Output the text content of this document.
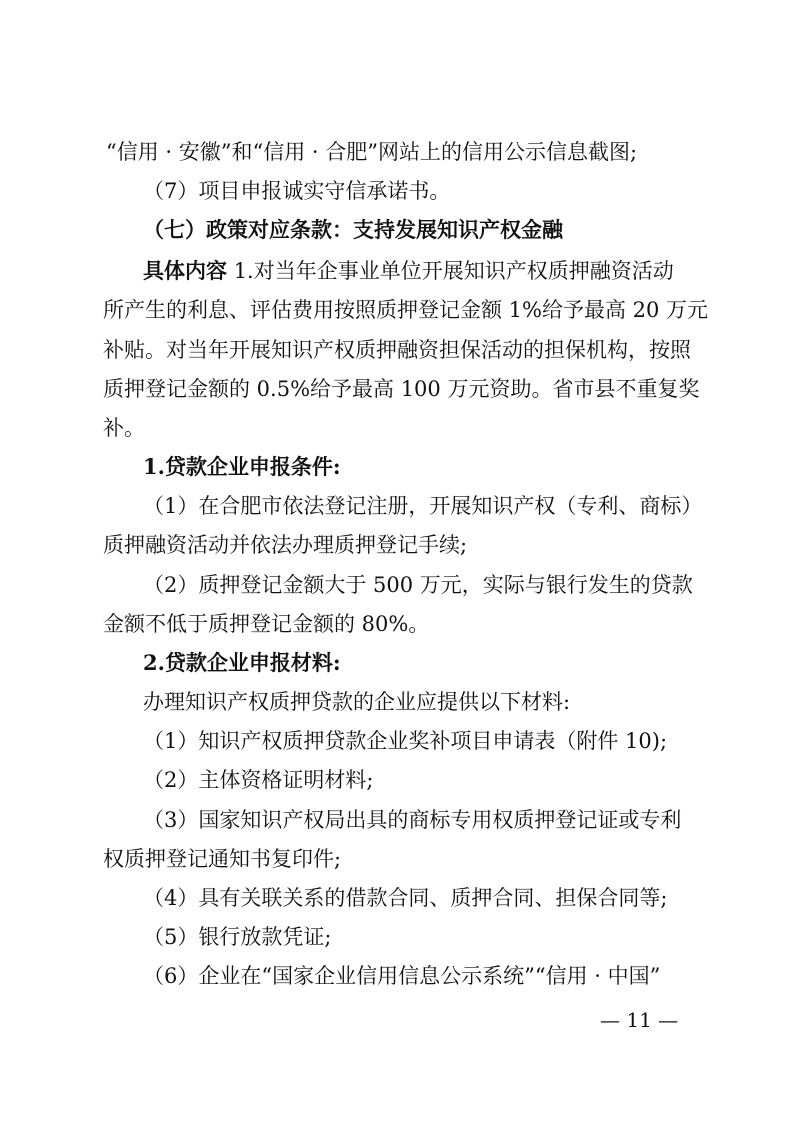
“信用 · 安徽”和“信用 · 合肥”网站上的信用公示信息截图;
（7）项目申报诚实守信承诺书。
（七）政策对应条款：支持发展知识产权金融
具体内容 1.对当年企事业单位开展知识产权质押融资活动
所产生的利息、评估费用按照质押登记金额 1%给予最高 20 万元
补贴。对当年开展知识产权质押融资担保活动的担保机构，按照
质押登记金额的 0.5%给予最高 100 万元资助。省市县不重复奖
补。
1.贷款企业申报条件:
（1）在合肥市依法登记注册，开展知识产权（专利、商标）
质押融资活动并依法办理质押登记手续;
（2）质押登记金额大于 500 万元，实际与银行发生的贷款
金额不低于质押登记金额的 80%。
2.贷款企业申报材料:
办理知识产权质押贷款的企业应提供以下材料:
（1）知识产权质押贷款企业奖补项目申请表（附件 10);
（2）主体资格证明材料;
（3）国家知识产权局出具的商标专用权质押登记证或专利
权质押登记通知书复印件;
（4）具有关联关系的借款合同、质押合同、担保合同等;
（5）银行放款凭证;
（6）企业在“国家企业信用信息公示系统”“信用 · 中国”
— 11 —
